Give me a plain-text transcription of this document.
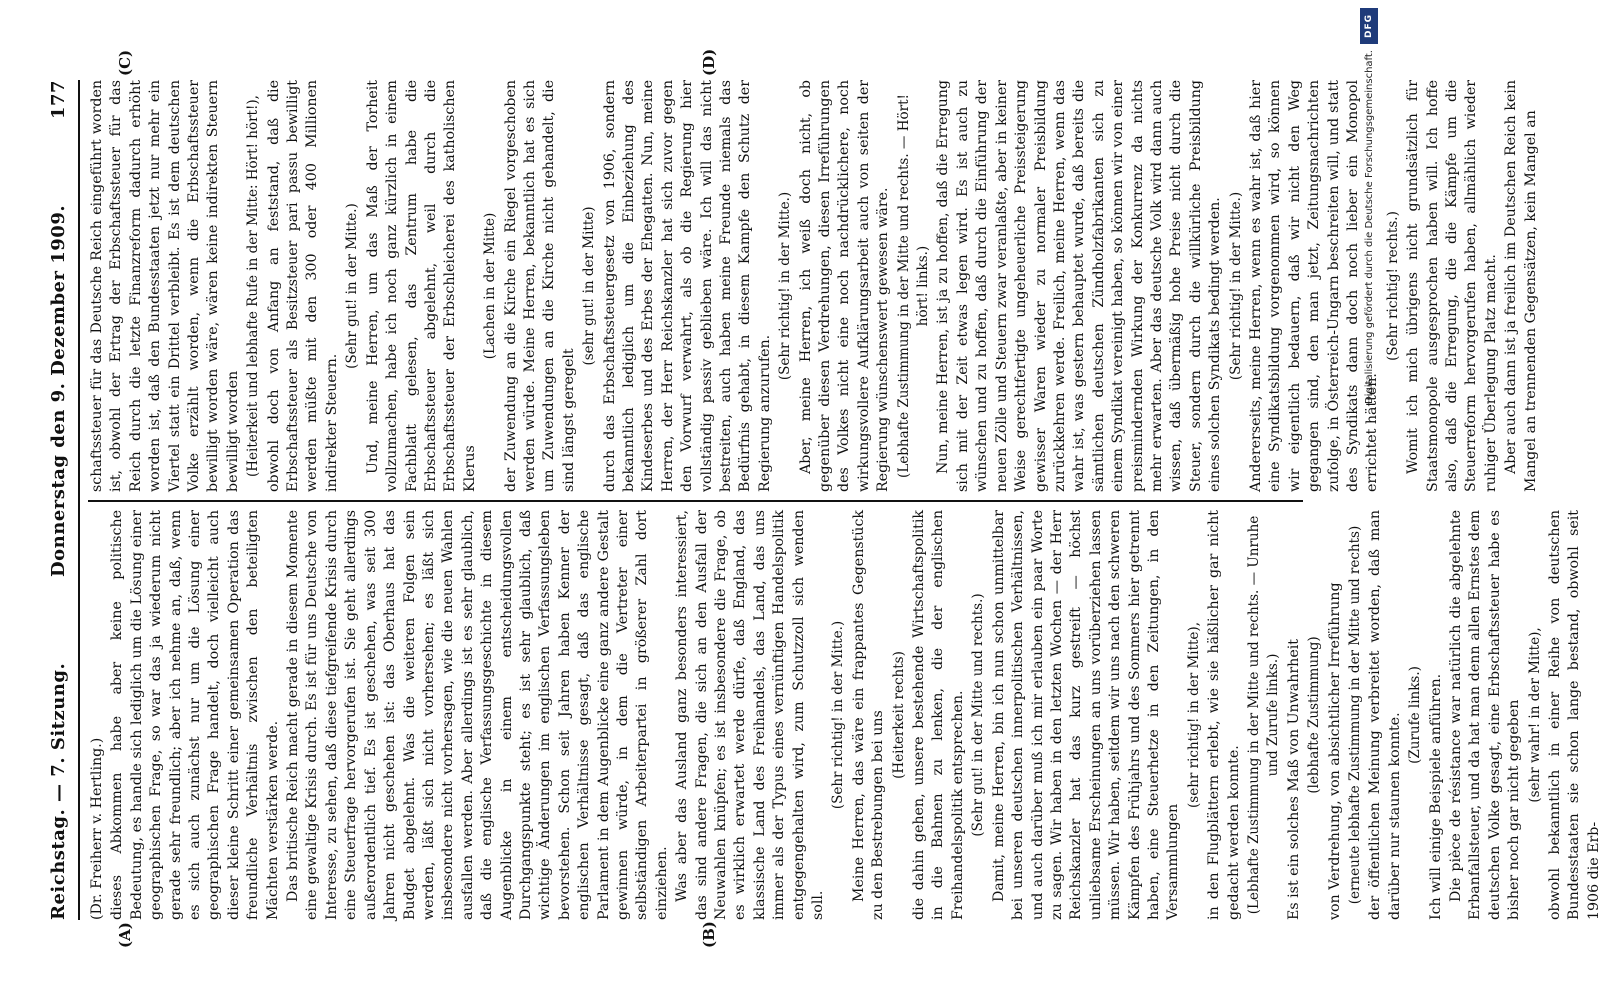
Reichstag. — 7. Sitzung.
Donnerstag den 9. Dezember 1909.
177
(A)	(B)
(C)	(D)

(Dr. Freiherr v. Hertling.) dieses Abkommen habe aber keine politische Bedeutung, es handle sich lediglich um die Lösung einer geographischen Frage, so war das ja wiederum nicht gerade sehr freundlich; aber ich nehme an, daß, wenn es sich auch zunächst nur um die Lösung einer geographischen Frage handelt, doch vielleicht auch dieser kleine Schritt einer gemeinsamen Operation das freundliche Verhältnis zwischen den beteiligten Mächten verstärken werde. Das britische Reich macht gerade in diesem Momente eine gewaltige Krisis durch. Es ist für uns Deutsche von Interesse, zu sehen, daß diese tiefgreifende Krisis durch eine Steuerfrage hervorgerufen ist. Sie geht allerdings außerordentlich tief. Es ist geschehen, was seit 300 Jahren nicht geschehen ist: das Oberhaus hat das Budget abgelehnt. Was die weiteren Folgen sein werden, läßt sich nicht vorhersehen; es läßt sich insbesondere nicht vorhersagen, wie die neuen Wahlen ausfallen werden. Aber allerdings ist es sehr glaublich, daß die englische Verfassungsgeschichte in diesem Augenblicke in einem entscheidungsvollen Durchgangspunkte steht; es ist sehr glaublich, daß wichtige Änderungen im englischen Verfassungsleben bevorstehen. Schon seit Jahren haben Kenner der englischen Verhältnisse gesagt, daß das englische Parlament in dem Augenblicke eine ganz andere Gestalt gewinnen würde, in dem die Vertreter einer selbständigen Arbeiterpartei in größerer Zahl dort einziehen. Was aber das Ausland ganz besonders interessiert, das sind andere Fragen, die sich an den Ausfall der Neuwahlen knüpfen; es ist insbesondere die Frage, ob es wirklich erwartet werde dürfe, daß England, das klassische Land des Freihandels, das Land, das uns immer als der Typus eines vernünftigen Handelspolitik entgegengehalten wird, zum Schutzzoll sich wenden soll.

(Sehr richtig! in der Mitte.) Meine Herren, das wäre ein frappantes Gegenstück zu den Bestrebungen bei uns (Heiterkeit rechts) die dahin gehen, unsere bestehende Wirtschaftspolitik in die Bahnen zu lenken, die der englischen Freihandelspolitik entsprechen. (Sehr gut! in der Mitte und rechts.) Damit, meine Herren, bin ich nun schon unmittelbar bei unseren deutschen innerpolitischen Verhältnissen, und auch darüber muß ich mir erlauben ein paar Worte zu sagen. Wir haben in den letzten Wochen — der Herr Reichskanzler hat das kurz gestreift — höchst unliebsame Erscheinungen an uns vorüberziehen lassen müssen. Wir haben, seitdem wir uns nach den schweren Kämpfen des Frühjahrs und des Sommers hier getrennt haben, eine Steuerhetze in den Zeitungen, in den Versammlungen

(sehr richtig! in der Mitte), in den Flugblättern erlebt, wie sie häßlicher gar nicht gedacht werden konnte. (Lebhafte Zustimmung in der Mitte und rechts. — Unruhe und Zurufe links.) Es ist ein solches Maß von Unwahrheit (lebhafte Zustimmung) von Verdrehung, von absichtlicher Irreführung (erneute lebhafte Zustimmung in der Mitte und rechts) der öffentlichen Meinung verbreitet worden, daß man darüber nur staunen konnte. (Zurufe links.) Ich will einige Beispiele anführen. Die pièce de résistance war natürlich die abgelehnte Erbanfallsteuer, und da hat man denn allen Ernstes dem deutschen Volke gesagt, eine Erbschaftssteuer habe es bisher noch gar nicht gegeben (sehr wahr! in der Mitte), obwohl bekanntlich in einer Reihe von deutschen Bundesstaaten sie schon lange bestand, obwohl seit 1906 die Erb-

schaftssteuer für das Deutsche Reich eingeführt worden ist, obwohl der Ertrag der Erbschaftssteuer für das Reich durch die letzte Finanzreform dadurch erhöht worden ist, daß den Bundesstaaten jetzt nur mehr ein Viertel statt ein Drittel verbleibt. Es ist dem deutschen Volke erzählt worden, wenn die Erbschaftssteuer bewilligt worden wäre, wären keine indirekten Steuern bewilligt worden (Heiterkeit und lebhafte Rufe in der Mitte: Hört! hört!), obwohl doch von Anfang an feststand, daß die Erbschaftssteuer als Besitzsteuer pari passu bewilligt werden müßte mit den 300 oder 400 Millionen indirekter Steuern.

(Sehr gut! in der Mitte.) Und, meine Herren, um das Maß der Torheit vollzumachen, habe ich noch ganz kürzlich in einem Fachblatt gelesen, das Zentrum habe die Erbschaftssteuer abgelehnt, weil durch die Erbschaftssteuer der Erbschleicherei des katholischen Klerus

(Lachen in der Mitte) der Zuwendung an die Kirche ein Riegel vorgeschoben werden würde. Meine Herren, bekanntlich hat es sich um Zuwendungen an die Kirche nicht gehandelt, die sind längst geregelt

(sehr gut! in der Mitte) durch das Erbschaftssteuergesetz von 1906, sondern bekanntlich lediglich um die Einbeziehung des Kindeserbes und des Erbes der Ehegatten. Nun, meine Herren, der Herr Reichskanzler hat sich zuvor gegen den Vorwurf verwahrt, als ob die Regierung hier vollständig passiv geblieben wäre. Ich will das nicht bestreiten, auch haben meine Freunde niemals das Bedürfnis gehabt, in diesem Kampfe den Schutz der Regierung anzurufen.

(Sehr richtig! in der Mitte.) Aber, meine Herren, ich weiß doch nicht, ob gegenüber diesen Verdrehungen, diesen Irreführungen des Volkes nicht eine noch nachdrücklichere, noch wirkungsvollere Aufklärungsarbeit auch von seiten der Regierung wünschenswert gewesen wäre. (Lebhafte Zustimmung in der Mitte und rechts. — Hört! hört! links.) Nun, meine Herren, ist ja zu hoffen, daß die Erregung sich mit der Zeit etwas legen wird. Es ist auch zu wünschen und zu hoffen, daß durch die Einführung der neuen Zölle und Steuern zwar veranlaßte, aber in keiner Weise gerechtfertigte ungeheuerliche Preissteigerung gewisser Waren wieder zu normaler Preisbildung zurückkehren werde. Freilich, meine Herren, wenn das wahr ist, was gestern behauptet wurde, daß bereits die sämtlichen deutschen Zündholzfabrikanten sich zu einem Syndikat vereinigt haben, so können wir von einer preismindernden Wirkung der Konkurrenz da nichts mehr erwarten. Aber das deutsche Volk wird dann auch wissen, daß übermäßig hohe Preise nicht durch die Steuer, sondern durch die willkürliche Preisbildung eines solchen Syndikats bedingt werden. (Sehr richtig! in der Mitte.) Andererseits, meine Herren, wenn es wahr ist, daß hier eine Syndikatsbildung vorgenommen wird, so können wir eigentlich bedauern, daß wir nicht den Weg gegangen sind, den man jetzt, Zeitungsnachrichten zufolge, in Österreich-Ungarn beschreiten will, und statt des Syndikats dann doch noch lieber ein Monopol errichtet hätten.

(Sehr richtig! rechts.) Womit ich mich übrigens nicht grundsätzlich für Staatsmonopole ausgesprochen haben will. Ich hoffe also, daß die Erregung, die die Kämpfe um die Steuerreform hervorgerufen haben, allmählich wieder ruhiger Überlegung Platz macht. Aber auch dann ist ja freilich im Deutschen Reich kein Mangel an trennenden Gegensätzen, kein Mangel an

DFG
Digitalisierung gefördert durch die Deutsche Forschungsgemeinschaft.
